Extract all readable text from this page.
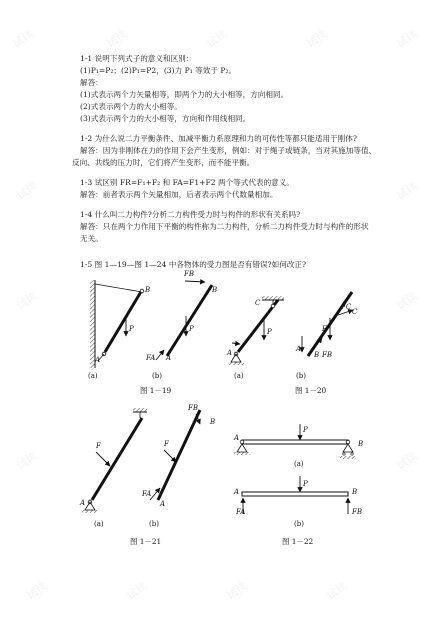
试读	试读	试读	试读	试读
试读	试读
试读	试读
试读	试读
试读	试读	试读	试读
1-1 说明下列式子的意义和区别：
(1)P₁=P₂；(2)P₁=P2，(3)力 P₁ 等效于 P₂。
解答：
(1)式表示两个力矢量相等，即两个力的大小相等，方向相同。
(2)式表示两个力的大小相等。
(3)式表示两个力的大小相等，方向和作用线相同。
1-2 为什么说二力平衡条件、加减平衡力系原理和力的可传性等都只能适用于刚体?
解答：因为非刚体在力的作用下会产生变形，例如：对于绳子或链条，当对其施加等值、
反向、共线的压力时，它们将产生变形，而不能平衡。
1-3 试区别 FR=F₁+F₂ 和 FA=F1+F2 两个等式代表的意义。
解答：前者表示两个矢量相加，后者表示两个代数量相加。
1-4 什么叫二力构件?分析二力构件受力时与构件的形状有关系吗?
解答：只在两个力作用下平衡的构件称为二力构件，分析二力构件受力时与构件的形状
无关。
1-5 图 1—19—图 1—24 中各物体的受力图是否有错误?如何改正?
B
A
P
(a)
FB
B
P
A
FA
(b)
图 1－19
C
P
A
(a)
FC
C
F
A
B FB
(b)
图 1－20
F
A
(a)
FB
B
F
FA
A
(b)
图 1－21
A
B
P
(a)
A	B
P
FA	FB
(b)
图 1－22
